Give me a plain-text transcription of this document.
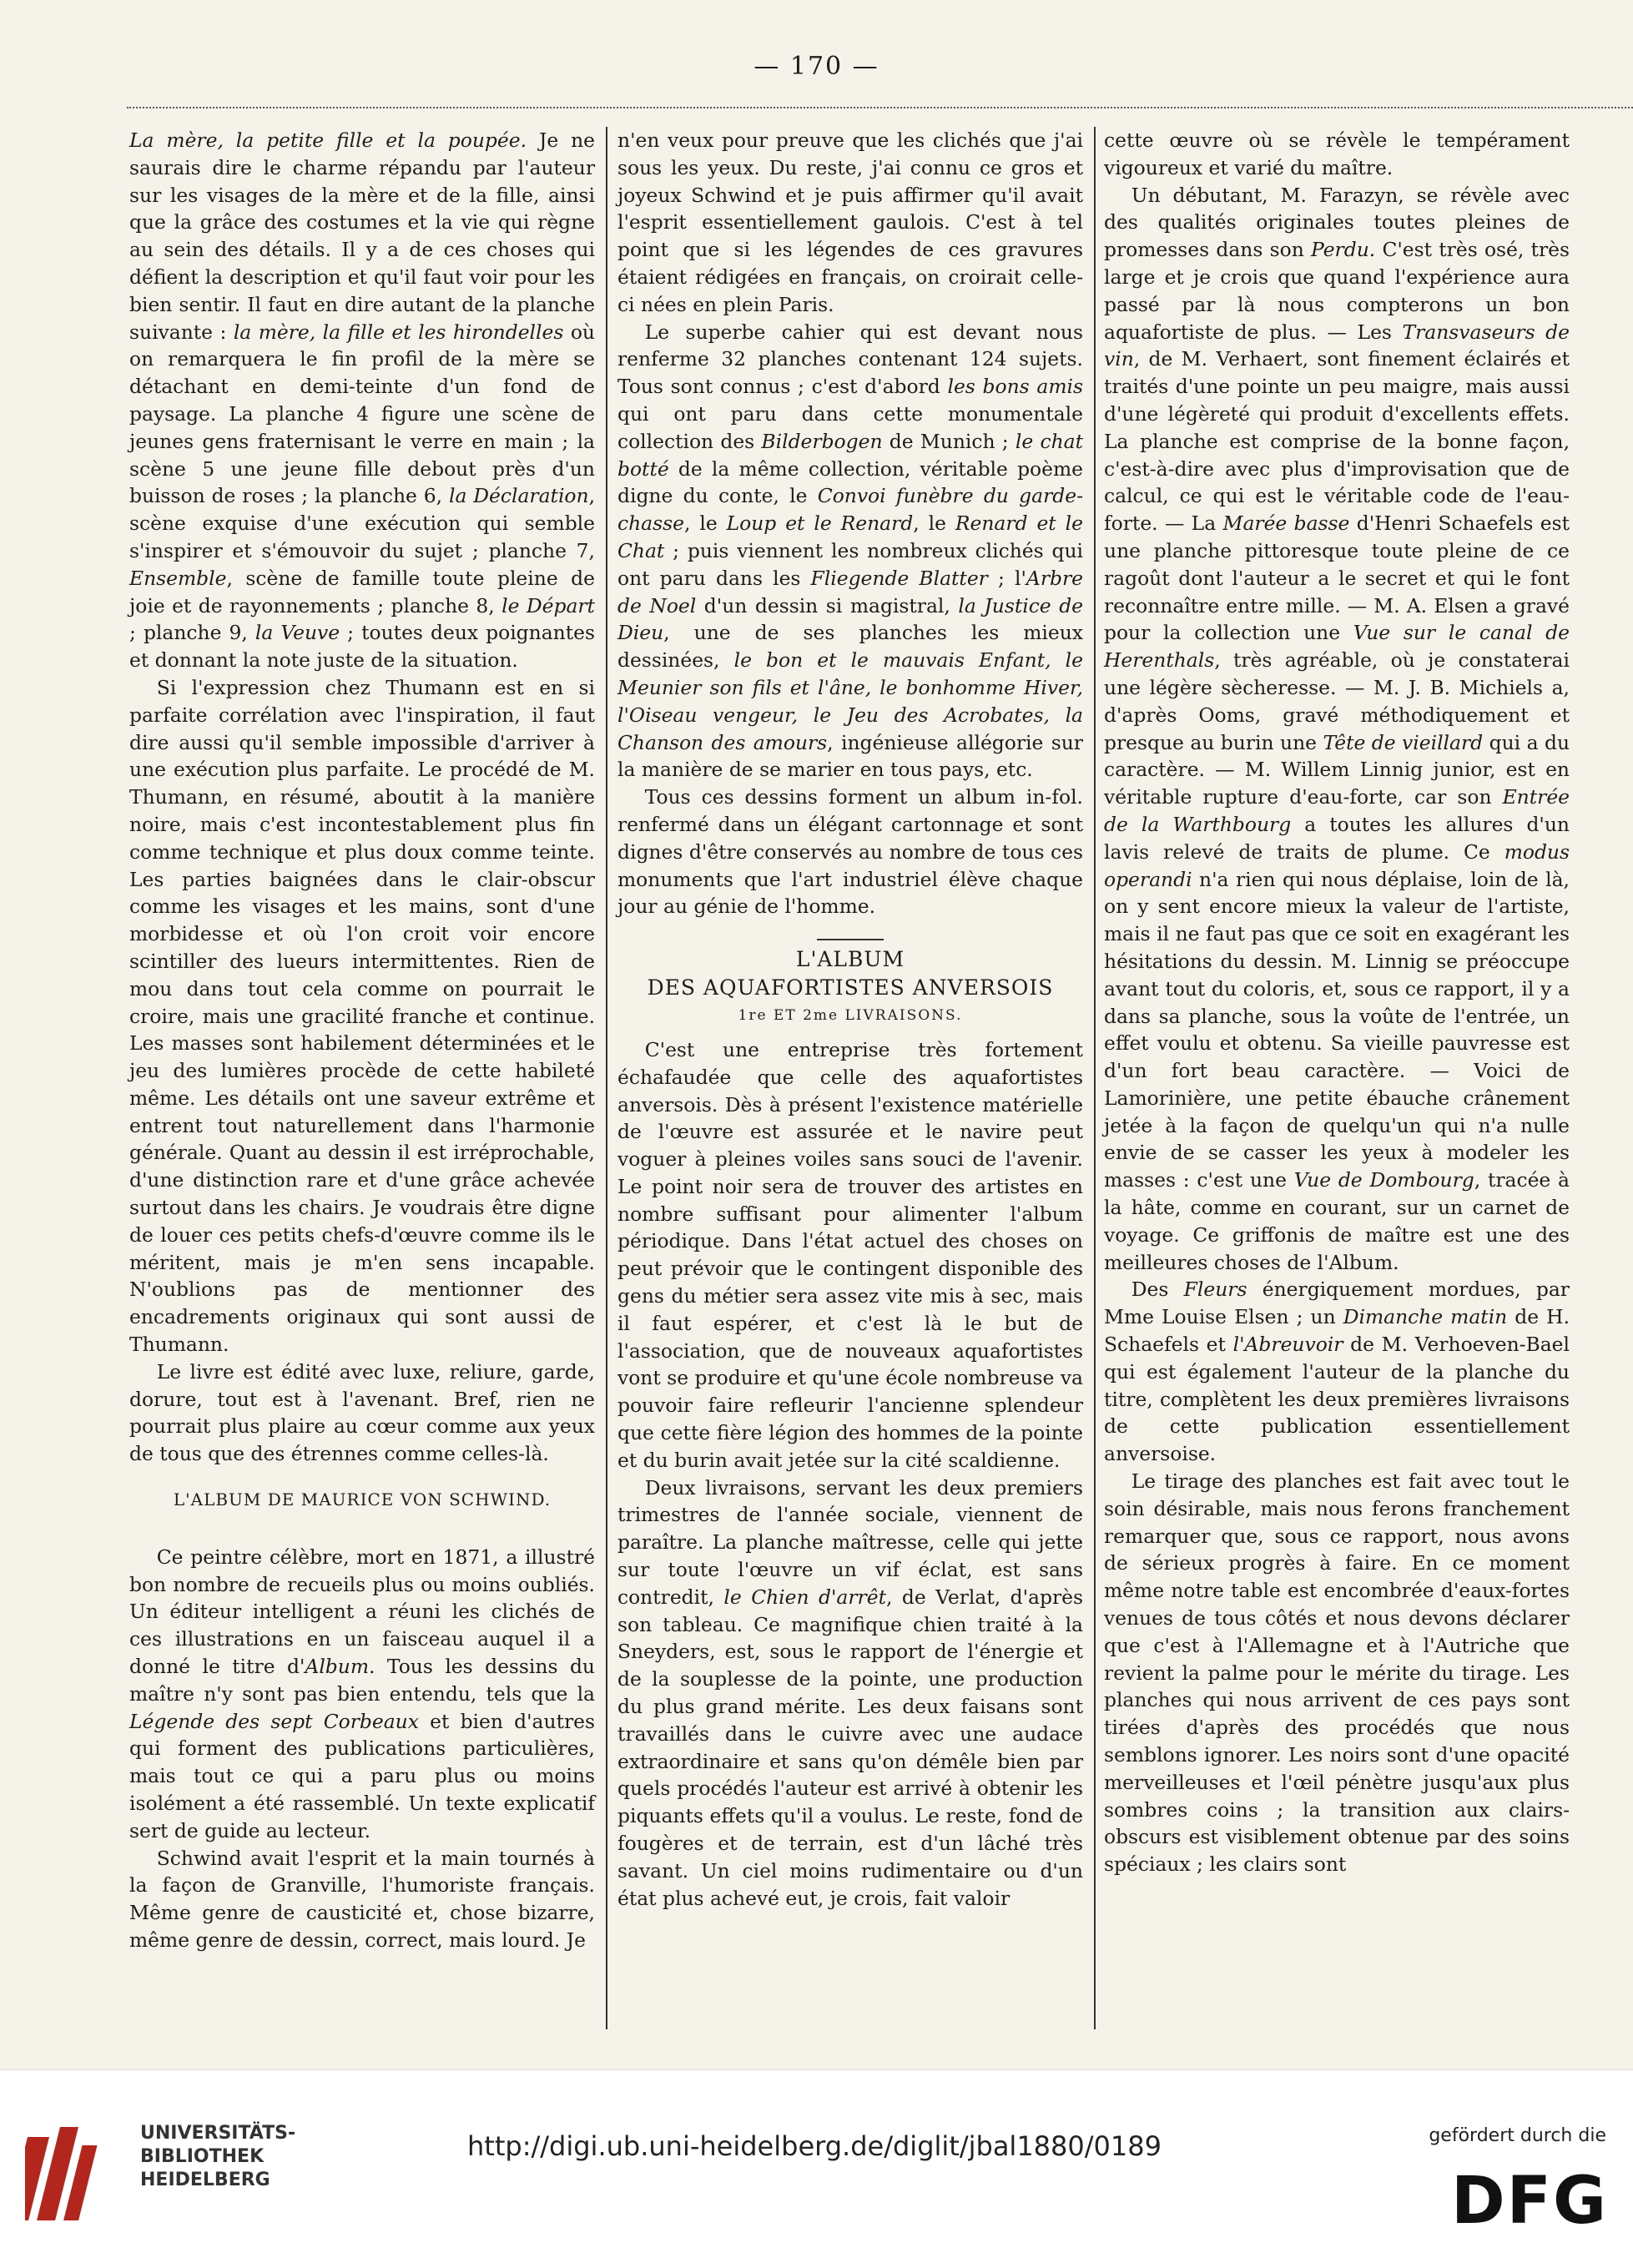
— 170 —

La mère, la petite fille et la poupée. Je ne saurais dire le charme répandu par l'auteur sur les visages de la mère et de la fille, ainsi que la grâce des costumes et la vie qui règne au sein des détails. Il y a de ces choses qui défient la description et qu'il faut voir pour les bien sentir. Il faut en dire autant de la planche suivante : la mère, la fille et les hirondelles où on remarquera le fin profil de la mère se détachant en demi-teinte d'un fond de paysage. La planche 4 figure une scène de jeunes gens fraternisant le verre en main ; la scène 5 une jeune fille debout près d'un buisson de roses ; la planche 6, la Déclaration, scène exquise d'une exécution qui semble s'inspirer et s'émouvoir du sujet ; planche 7, Ensemble, scène de famille toute pleine de joie et de rayonnements ; planche 8, le Départ ; planche 9, la Veuve ; toutes deux poignantes et donnant la note juste de la situation.

Si l'expression chez Thumann est en si parfaite corrélation avec l'inspiration, il faut dire aussi qu'il semble impossible d'arriver à une exécution plus parfaite. Le procédé de M. Thumann, en résumé, aboutit à la manière noire, mais c'est incontestablement plus fin comme technique et plus doux comme teinte. Les parties baignées dans le clair-obscur comme les visages et les mains, sont d'une morbidesse et où l'on croit voir encore scintiller des lueurs intermittentes. Rien de mou dans tout cela comme on pourrait le croire, mais une gracilité franche et continue. Les masses sont habilement déterminées et le jeu des lumières procède de cette habileté même. Les détails ont une saveur extrême et entrent tout naturellement dans l'harmonie générale. Quant au dessin il est irréprochable, d'une distinction rare et d'une grâce achevée surtout dans les chairs. Je voudrais être digne de louer ces petits chefs-d'œuvre comme ils le méritent, mais je m'en sens incapable. N'oublions pas de mentionner des encadrements originaux qui sont aussi de Thumann.

Le livre est édité avec luxe, reliure, garde, dorure, tout est à l'avenant. Bref, rien ne pourrait plus plaire au cœur comme aux yeux de tous que des étrennes comme celles-là.

L'ALBUM DE MAURICE VON SCHWIND.

Ce peintre célèbre, mort en 1871, a illustré bon nombre de recueils plus ou moins oubliés. Un éditeur intelligent a réuni les clichés de ces illustrations en un faisceau auquel il a donné le titre d'Album. Tous les dessins du maître n'y sont pas bien entendu, tels que la Légende des sept Corbeaux et bien d'autres qui forment des publications particulières, mais tout ce qui a paru plus ou moins isolément a été rassemblé. Un texte explicatif sert de guide au lecteur.

Schwind avait l'esprit et la main tournés à la façon de Granville, l'humoriste français. Même genre de causticité et, chose bizarre, même genre de dessin, correct, mais lourd. Je

n'en veux pour preuve que les clichés que j'ai sous les yeux. Du reste, j'ai connu ce gros et joyeux Schwind et je puis affirmer qu'il avait l'esprit essentiellement gaulois. C'est à tel point que si les légendes de ces gravures étaient rédigées en français, on croirait celle-ci nées en plein Paris.

Le superbe cahier qui est devant nous renferme 32 planches contenant 124 sujets. Tous sont connus ; c'est d'abord les bons amis qui ont paru dans cette monumentale collection des Bilderbogen de Munich ; le chat botté de la même collection, véritable poème digne du conte, le Convoi funèbre du garde-chasse, le Loup et le Renard, le Renard et le Chat ; puis viennent les nombreux clichés qui ont paru dans les Fliegende Blatter ; l'Arbre de Noel d'un dessin si magistral, la Justice de Dieu, une de ses planches les mieux dessinées, le bon et le mauvais Enfant, le Meunier son fils et l'âne, le bonhomme Hiver, l'Oiseau vengeur, le Jeu des Acrobates, la Chanson des amours, ingénieuse allégorie sur la manière de se marier en tous pays, etc.

Tous ces dessins forment un album in-fol. renfermé dans un élégant cartonnage et sont dignes d'être conservés au nombre de tous ces monuments que l'art industriel élève chaque jour au génie de l'homme.

L'ALBUM
DES AQUAFORTISTES ANVERSOIS
1re ET 2me LIVRAISONS.

C'est une entreprise très fortement échafaudée que celle des aquafortistes anversois. Dès à présent l'existence matérielle de l'œuvre est assurée et le navire peut voguer à pleines voiles sans souci de l'avenir. Le point noir sera de trouver des artistes en nombre suffisant pour alimenter l'album périodique. Dans l'état actuel des choses on peut prévoir que le contingent disponible des gens du métier sera assez vite mis à sec, mais il faut espérer, et c'est là le but de l'association, que de nouveaux aquafortistes vont se produire et qu'une école nombreuse va pouvoir faire refleurir l'ancienne splendeur que cette fière légion des hommes de la pointe et du burin avait jetée sur la cité scaldienne.

Deux livraisons, servant les deux premiers trimestres de l'année sociale, viennent de paraître. La planche maîtresse, celle qui jette sur toute l'œuvre un vif éclat, est sans contredit, le Chien d'arrêt, de Verlat, d'après son tableau. Ce magnifique chien traité à la Sneyders, est, sous le rapport de l'énergie et de la souplesse de la pointe, une production du plus grand mérite. Les deux faisans sont travaillés dans le cuivre avec une audace extraordinaire et sans qu'on démêle bien par quels procédés l'auteur est arrivé à obtenir les piquants effets qu'il a voulus. Le reste, fond de fougères et de terrain, est d'un lâché très savant. Un ciel moins rudimentaire ou d'un état plus achevé eut, je crois, fait valoir

cette œuvre où se révèle le tempérament vigoureux et varié du maître.

Un débutant, M. Farazyn, se révèle avec des qualités originales toutes pleines de promesses dans son Perdu. C'est très osé, très large et je crois que quand l'expérience aura passé par là nous compterons un bon aquafortiste de plus. — Les Transvaseurs de vin, de M. Verhaert, sont finement éclairés et traités d'une pointe un peu maigre, mais aussi d'une légèreté qui produit d'excellents effets. La planche est comprise de la bonne façon, c'est-à-dire avec plus d'improvisation que de calcul, ce qui est le véritable code de l'eau-forte. — La Marée basse d'Henri Schaefels est une planche pittoresque toute pleine de ce ragoût dont l'auteur a le secret et qui le font reconnaître entre mille. — M. A. Elsen a gravé pour la collection une Vue sur le canal de Herenthals, très agréable, où je constaterai une légère sècheresse. — M. J. B. Michiels a, d'après Ooms, gravé méthodiquement et presque au burin une Tête de vieillard qui a du caractère. — M. Willem Linnig junior, est en véritable rupture d'eau-forte, car son Entrée de la Warthbourg a toutes les allures d'un lavis relevé de traits de plume. Ce modus operandi n'a rien qui nous déplaise, loin de là, on y sent encore mieux la valeur de l'artiste, mais il ne faut pas que ce soit en exagérant les hésitations du dessin. M. Linnig se préoccupe avant tout du coloris, et, sous ce rapport, il y a dans sa planche, sous la voûte de l'entrée, un effet voulu et obtenu. Sa vieille pauvresse est d'un fort beau caractère. — Voici de Lamorinière, une petite ébauche crânement jetée à la façon de quelqu'un qui n'a nulle envie de se casser les yeux à modeler les masses : c'est une Vue de Dombourg, tracée à la hâte, comme en courant, sur un carnet de voyage. Ce griffonis de maître est une des meilleures choses de l'Album.

Des Fleurs énergiquement mordues, par Mme Louise Elsen ; un Dimanche matin de H. Schaefels et l'Abreuvoir de M. Verhoeven-Bael qui est également l'auteur de la planche du titre, complètent les deux premières livraisons de cette publication essentiellement anversoise.

Le tirage des planches est fait avec tout le soin désirable, mais nous ferons franchement remarquer que, sous ce rapport, nous avons de sérieux progrès à faire. En ce moment même notre table est encombrée d'eaux-fortes venues de tous côtés et nous devons déclarer que c'est à l'Allemagne et à l'Autriche que revient la palme pour le mérite du tirage. Les planches qui nous arrivent de ces pays sont tirées d'après des procédés que nous semblons ignorer. Les noirs sont d'une opacité merveilleuses et l'œil pénètre jusqu'aux plus sombres coins ; la transition aux clairs-obscurs est visiblement obtenue par des soins spéciaux ; les clairs sont

UNIVERSITÄTS-
BIBLIOTHEK
HEIDELBERG
http://digi.ub.uni-heidelberg.de/diglit/jbal1880/0189	gefördert durch die
DFG
